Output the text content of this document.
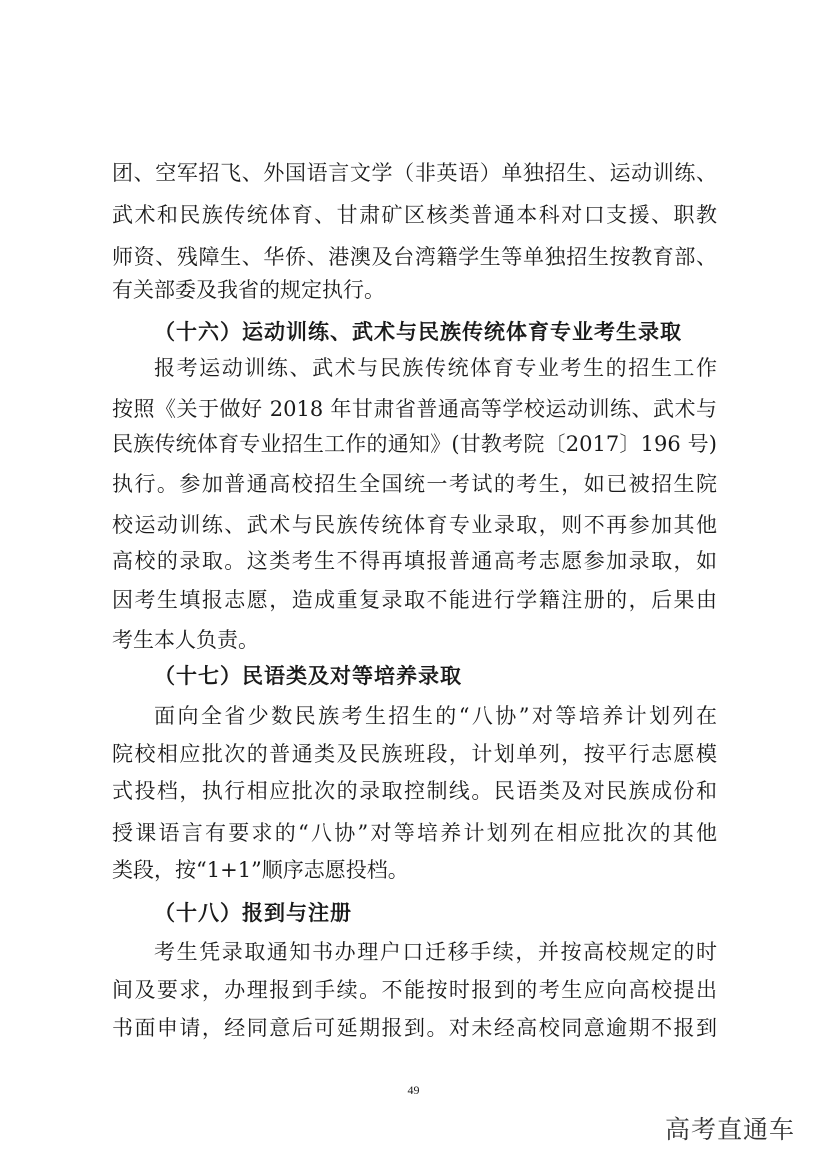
团、空军招飞、外国语言文学（非英语）单独招生、运动训练、
武术和民族传统体育、甘肃矿区核类普通本科对口支援、职教
师资、残障生、华侨、港澳及台湾籍学生等单独招生按教育部、
有关部委及我省的规定执行。
（十六）运动训练、武术与民族传统体育专业考生录取
报考运动训练、武术与民族传统体育专业考生的招生工作
按照《关于做好 2018 年甘肃省普通高等学校运动训练、武术与
民族传统体育专业招生工作的通知》(甘教考院〔2017〕196 号)
执行。参加普通高校招生全国统一考试的考生，如已被招生院
校运动训练、武术与民族传统体育专业录取，则不再参加其他
高校的录取。这类考生不得再填报普通高考志愿参加录取，如
因考生填报志愿，造成重复录取不能进行学籍注册的，后果由
考生本人负责。
（十七）民语类及对等培养录取
面向全省少数民族考生招生的“八协”对等培养计划列在
院校相应批次的普通类及民族班段，计划单列，按平行志愿模
式投档，执行相应批次的录取控制线。民语类及对民族成份和
授课语言有要求的“八协”对等培养计划列在相应批次的其他
类段，按“1+1”顺序志愿投档。
（十八）报到与注册
考生凭录取通知书办理户口迁移手续，并按高校规定的时
间及要求，办理报到手续。不能按时报到的考生应向高校提出
书面申请，经同意后可延期报到。对未经高校同意逾期不报到
49
高考直通车
